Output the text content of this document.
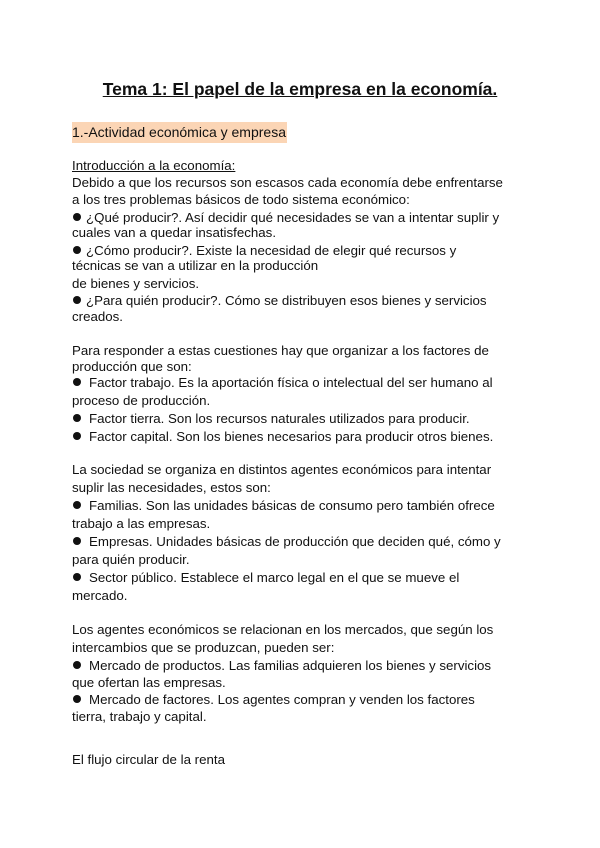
Tema 1: El papel de la empresa en la economía.
1.-Actividad económica y empresa

Introducción a la economía:

Debido a que los recursos son escasos cada economía debe enfrentarse

a los tres problemas básicos de todo sistema económico:

¿Qué producir?. Así decidir qué necesidades se van a intentar suplir y

cuales van a quedar insatisfechas.

¿Cómo producir?. Existe la necesidad de elegir qué recursos y

técnicas se van a utilizar en la producción

de bienes y servicios.

¿Para quién producir?. Cómo se distribuyen esos bienes y servicios

creados.

Para responder a estas cuestiones hay que organizar a los factores de

producción que son:

Factor trabajo. Es la aportación física o intelectual del ser humano al

proceso de producción.

Factor tierra. Son los recursos naturales utilizados para producir.

Factor capital. Son los bienes necesarios para producir otros bienes.

La sociedad se organiza en distintos agentes económicos para intentar

suplir las necesidades, estos son:

Familias. Son las unidades básicas de consumo pero también ofrece

trabajo a las empresas.

Empresas. Unidades básicas de producción que deciden qué, cómo y

para quién producir.

Sector público. Establece el marco legal en el que se mueve el

mercado.

Los agentes económicos se relacionan en los mercados, que según los

intercambios que se produzcan, pueden ser:

Mercado de productos. Las familias adquieren los bienes y servicios

que ofertan las empresas.

Mercado de factores. Los agentes compran y venden los factores

tierra, trabajo y capital.

El flujo circular de la renta
